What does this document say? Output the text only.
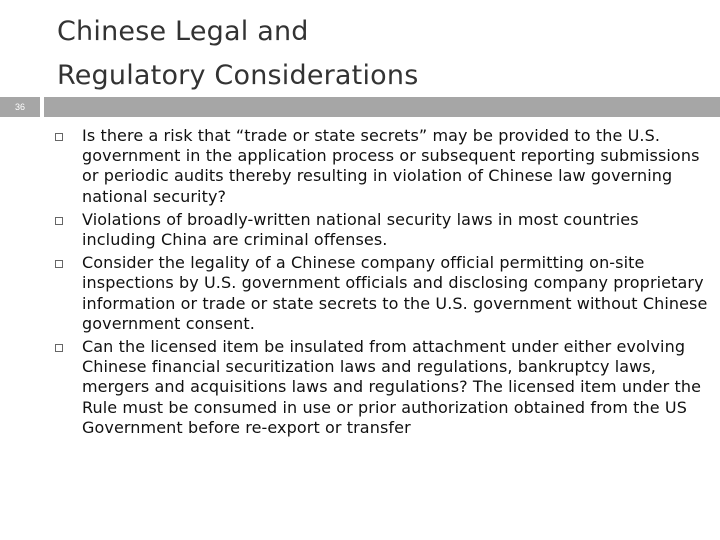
Chinese Legal and
Regulatory Considerations
36
Is there a risk that “trade or state secrets” may be provided to the U.S. government in the application process or subsequent reporting submissions or periodic audits thereby resulting in violation of Chinese law governing national security?
Violations of broadly-written national security laws in most countries including China are criminal offenses.
Consider the legality of a Chinese company official permitting on-site inspections by U.S. government officials and disclosing company proprietary information or trade or state secrets to the U.S. government without Chinese government consent.
Can the licensed item be insulated from attachment under either evolving Chinese financial securitization laws and regulations, bankruptcy laws, mergers and acquisitions laws and regulations? The licensed item under the Rule must be consumed in use or prior authorization obtained from the US Government before re-export or transfer
